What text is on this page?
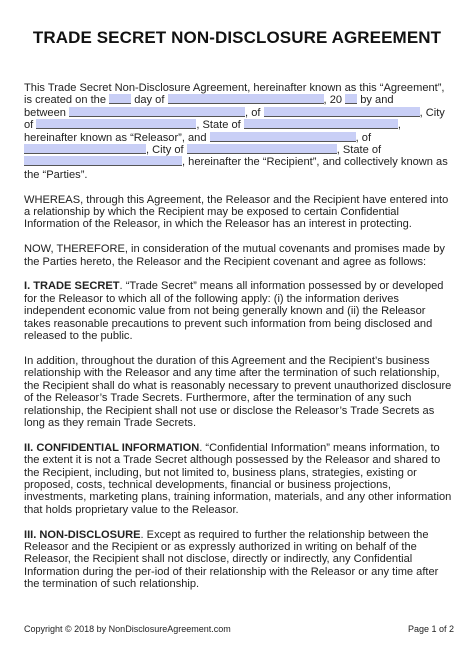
TRADE SECRET NON-DISCLOSURE AGREEMENT

This Trade Secret Non-Disclosure Agreement, hereinafter known as this “Agreement”,
is created on the	day of	, 20 by and
between	, of	, City
of	, State of	,
hereinafter known as “Releasor”, and	, of
, City of	, State of
, hereinafter the “Recipient”, and collectively known as
the “Parties”.

WHEREAS, through this Agreement, the Releasor and the Recipient have entered into a relationship by which the Recipient may be exposed to certain Confidential Information of the Releasor, in which the Releasor has an interest in protecting.

NOW, THEREFORE, in consideration of the mutual covenants and promises made by the Parties hereto, the Releasor and the Recipient covenant and agree as follows:

I. TRADE SECRET. “Trade Secret” means all information possessed by or developed for the Releasor to which all of the following apply: (i) the information derives independent economic value from not being generally known and (ii) the Releasor takes reasonable precautions to prevent such information from being disclosed and released to the public.

In addition, throughout the duration of this Agreement and the Recipient’s business relationship with the Releasor and any time after the termination of such relationship, the Recipient shall do what is reasonably necessary to prevent unauthorized disclosure of the Releasor’s Trade Secrets. Furthermore, after the termination of any such relationship, the Recipient shall not use or disclose the Releasor’s Trade Secrets as long as they remain Trade Secrets.

II. CONFIDENTIAL INFORMATION. “Confidential Information” means information, to the extent it is not a Trade Secret although possessed by the Releasor and shared to the Recipient, including, but not limited to, business plans, strategies, existing or proposed, costs, technical developments, financial or business projections, investments, marketing plans, training information, materials, and any other information that holds proprietary value to the Releasor.

III. NON-DISCLOSURE. Except as required to further the relationship between the Releasor and the Recipient or as expressly authorized in writing on behalf of the Releasor, the Recipient shall not disclose, directly or indirectly, any Confidential Information during the per-iod of their relationship with the Releasor or any time after the termination of such relationship.

Copyright © 2018 by NonDisclosureAgreement.com	Page 1 of 2
